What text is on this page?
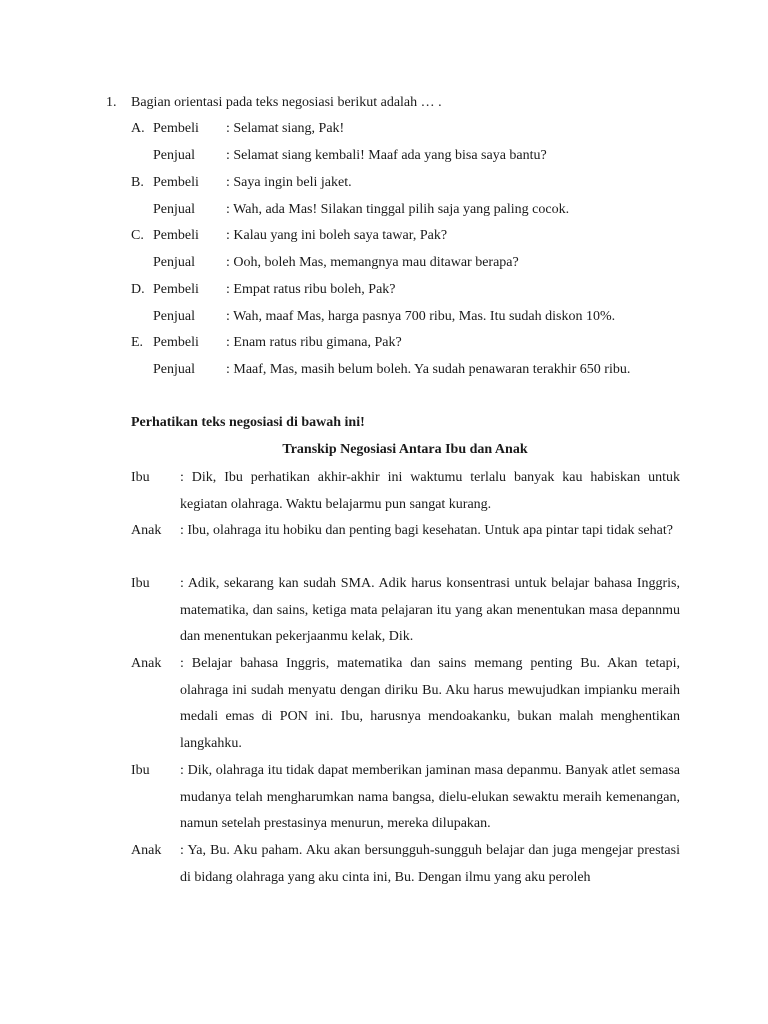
1. Bagian orientasi pada teks negosiasi berikut adalah … .
A. Pembeli : Selamat siang, Pak!
Penjual : Selamat siang kembali! Maaf ada yang bisa saya bantu?
B. Pembeli : Saya ingin beli jaket.
Penjual : Wah, ada Mas! Silakan tinggal pilih saja yang paling cocok.
C. Pembeli : Kalau yang ini boleh saya tawar, Pak?
Penjual : Ooh, boleh Mas, memangnya mau ditawar berapa?
D. Pembeli : Empat ratus ribu boleh, Pak?
Penjual : Wah, maaf Mas, harga pasnya 700 ribu, Mas. Itu sudah diskon 10%.
E. Pembeli : Enam ratus ribu gimana, Pak?
Penjual : Maaf, Mas, masih belum boleh. Ya sudah penawaran terakhir 650 ribu.
Perhatikan teks negosiasi di bawah ini!
Transkip Negosiasi Antara Ibu dan Anak
Ibu : Dik, Ibu perhatikan akhir-akhir ini waktumu terlalu banyak kau habiskan untuk kegiatan olahraga. Waktu belajarmu pun sangat kurang.
Anak : Ibu, olahraga itu hobiku dan penting bagi kesehatan. Untuk apa pintar tapi tidak sehat?
Ibu : Adik, sekarang kan sudah SMA. Adik harus konsentrasi untuk belajar bahasa Inggris, matematika, dan sains, ketiga mata pelajaran itu yang akan menentukan masa depannmu dan menentukan pekerjaanmu kelak, Dik.
Anak : Belajar bahasa Inggris, matematika dan sains memang penting Bu. Akan tetapi, olahraga ini sudah menyatu dengan diriku Bu. Aku harus mewujudkan impianku meraih medali emas di PON ini. Ibu, harusnya mendoakanku, bukan malah menghentikan langkahku.
Ibu : Dik, olahraga itu tidak dapat memberikan jaminan masa depanmu. Banyak atlet semasa mudanya telah mengharumkan nama bangsa, dielu-elukan sewaktu meraih kemenangan, namun setelah prestasinya menurun, mereka dilupakan.
Anak : Ya, Bu. Aku paham. Aku akan bersungguh-sungguh belajar dan juga mengejar prestasi di bidang olahraga yang aku cinta ini, Bu. Dengan ilmu yang aku peroleh
